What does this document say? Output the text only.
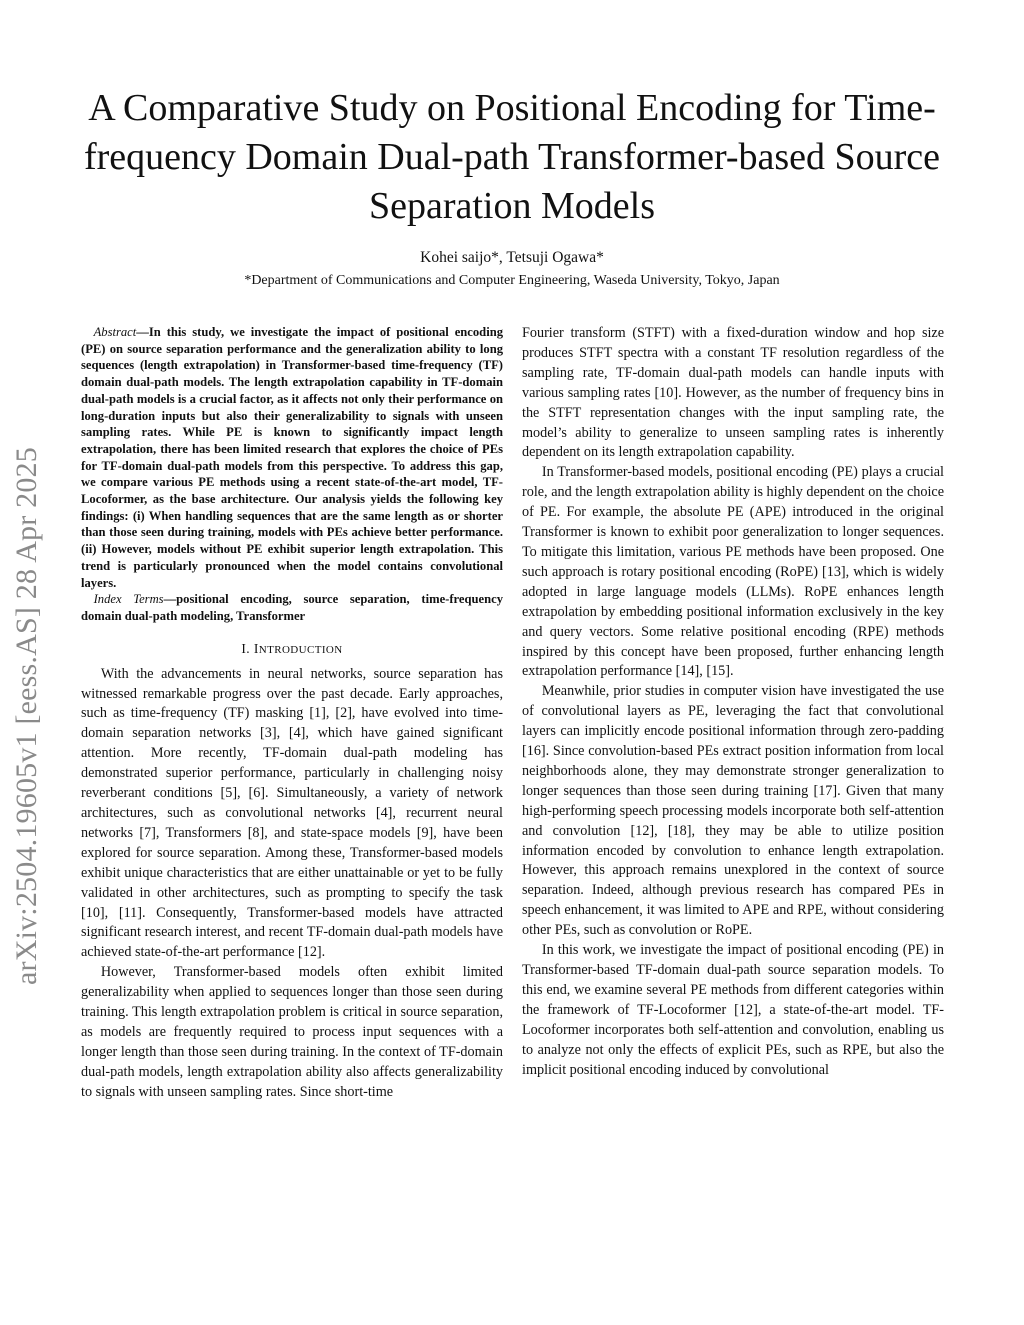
arXiv:2504.19605v1 [eess.AS] 28 Apr 2025
A Comparative Study on Positional Encoding for Time-frequency Domain Dual-path Transformer-based Source Separation Models
Kohei saijo*, Tetsuji Ogawa*
*Department of Communications and Computer Engineering, Waseda University, Tokyo, Japan

Abstract—In this study, we investigate the impact of positional encoding (PE) on source separation performance and the generalization ability to long sequences (length extrapolation) in Transformer-based time-frequency (TF) domain dual-path models. The length extrapolation capability in TF-domain dual-path models is a crucial factor, as it affects not only their performance on long-duration inputs but also their generalizability to signals with unseen sampling rates. While PE is known to significantly impact length extrapolation, there has been limited research that explores the choice of PEs for TF-domain dual-path models from this perspective. To address this gap, we compare various PE methods using a recent state-of-the-art model, TF-Locoformer, as the base architecture. Our analysis yields the following key findings: (i) When handling sequences that are the same length as or shorter than those seen during training, models with PEs achieve better performance. (ii) However, models without PE exhibit superior length extrapolation. This trend is particularly pronounced when the model contains convolutional layers.

Index Terms—positional encoding, source separation, time-frequency domain dual-path modeling, Transformer

I. INTRODUCTION

With the advancements in neural networks, source separation has witnessed remarkable progress over the past decade. Early approaches, such as time-frequency (TF) masking [1], [2], have evolved into time-domain separation networks [3], [4], which have gained significant attention. More recently, TF-domain dual-path modeling has demonstrated superior performance, particularly in challenging noisy reverberant conditions [5], [6]. Simultaneously, a variety of network architectures, such as convolutional networks [4], recurrent neural networks [7], Transformers [8], and state-space models [9], have been explored for source separation. Among these, Transformer-based models exhibit unique characteristics that are either unattainable or yet to be fully validated in other architectures, such as prompting to specify the task [10], [11]. Consequently, Transformer-based models have attracted significant research interest, and recent TF-domain dual-path models have achieved state-of-the-art performance [12].

However, Transformer-based models often exhibit limited generalizability when applied to sequences longer than those seen during training. This length extrapolation problem is critical in source separation, as models are frequently required to process input sequences with a longer length than those seen during training. In the context of TF-domain dual-path models, length extrapolation ability also affects generalizability to signals with unseen sampling rates. Since short-time

Fourier transform (STFT) with a fixed-duration window and hop size produces STFT spectra with a constant TF resolution regardless of the sampling rate, TF-domain dual-path models can handle inputs with various sampling rates [10]. However, as the number of frequency bins in the STFT representation changes with the input sampling rate, the model’s ability to generalize to unseen sampling rates is inherently dependent on its length extrapolation capability.

In Transformer-based models, positional encoding (PE) plays a crucial role, and the length extrapolation ability is highly dependent on the choice of PE. For example, the absolute PE (APE) introduced in the original Transformer is known to exhibit poor generalization to longer sequences. To mitigate this limitation, various PE methods have been proposed. One such approach is rotary positional encoding (RoPE) [13], which is widely adopted in large language models (LLMs). RoPE enhances length extrapolation by embedding positional information exclusively in the key and query vectors. Some relative positional encoding (RPE) methods inspired by this concept have been proposed, further enhancing length extrapolation performance [14], [15].

Meanwhile, prior studies in computer vision have investigated the use of convolutional layers as PE, leveraging the fact that convolutional layers can implicitly encode positional information through zero-padding [16]. Since convolution-based PEs extract position information from local neighborhoods alone, they may demonstrate stronger generalization to longer sequences than those seen during training [17]. Given that many high-performing speech processing models incorporate both self-attention and convolution [12], [18], they may be able to utilize position information encoded by convolution to enhance length extrapolation. However, this approach remains unexplored in the context of source separation. Indeed, although previous research has compared PEs in speech enhancement, it was limited to APE and RPE, without considering other PEs, such as convolution or RoPE.

In this work, we investigate the impact of positional encoding (PE) in Transformer-based TF-domain dual-path source separation models. To this end, we examine several PE methods from different categories within the framework of TF-Locoformer [12], a state-of-the-art model. TF-Locoformer incorporates both self-attention and convolution, enabling us to analyze not only the effects of explicit PEs, such as RPE, but also the implicit positional encoding induced by convolutional
